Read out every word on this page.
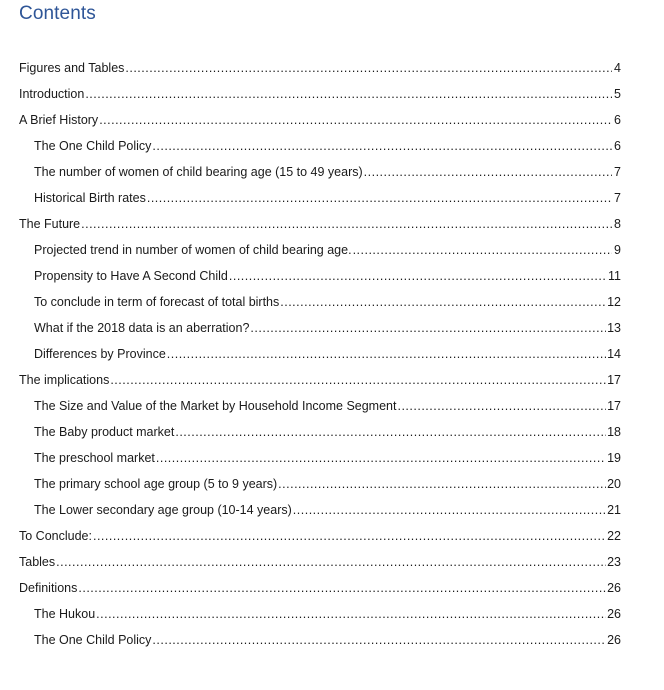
Contents
Figures and Tables .....	4
Introduction .....	5
A Brief History .....	6
The One Child Policy .....	6
The number of women of child bearing age (15 to 49 years) .....	7
Historical Birth rates .....	7
The Future .....	8
Projected trend in number of women of child bearing age. .....	9
Propensity to Have A Second Child .....	11
To conclude in term of forecast of total births .....	12
What if the 2018 data is an aberration? .....	13
Differences by Province .....	14
The implications .....	17
The Size and Value of the Market by Household Income Segment .....	17
The Baby product market .....	18
The preschool market .....	19
The primary school age group (5 to 9 years) .....	20
The Lower secondary age group (10-14 years) .....	21
To Conclude: .....	22
Tables .....	23
Definitions .....	26
The Hukou .....	26
The One Child Policy .....	26
